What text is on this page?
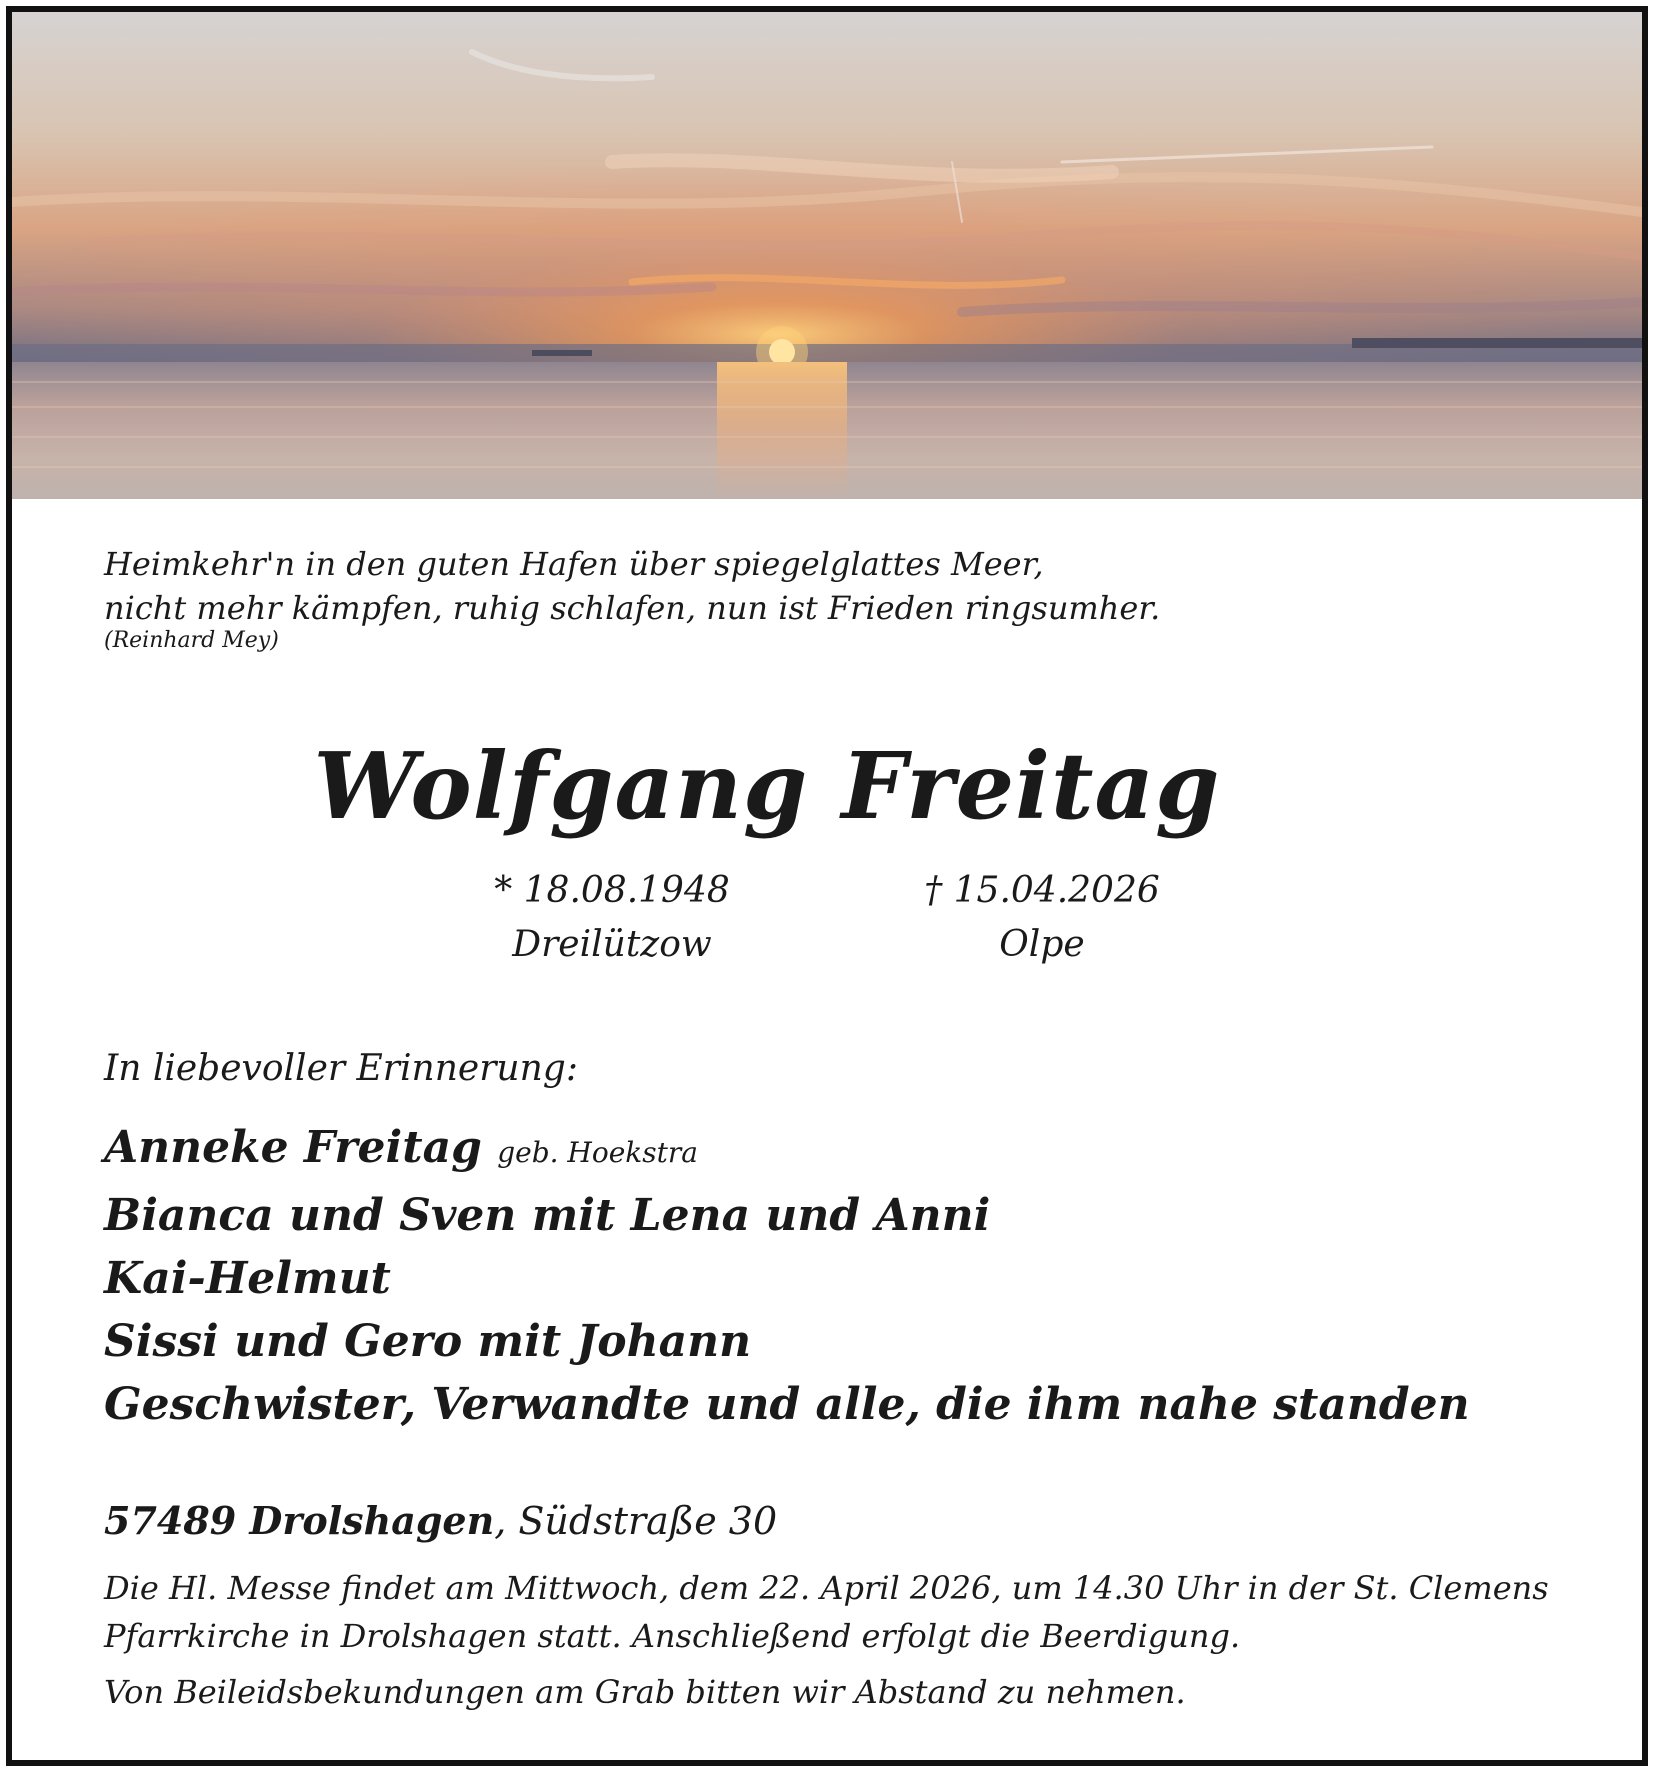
Heimkehr'n in den guten Hafen über spiegelglattes Meer,
nicht mehr kämpfen, ruhig schlafen, nun ist Frieden ringsumher.
(Reinhard Mey)
Wolfgang Freitag
* 18.08.1948
Dreilützow
† 15.04.2026
Olpe
In liebevoller Erinnerung:
Anneke Freitag geb. Hoekstra
Bianca und Sven mit Lena und Anni
Kai-Helmut
Sissi und Gero mit Johann
Geschwister, Verwandte und alle, die ihm nahe standen
57489 Drolshagen, Südstraße 30

Die Hl. Messe findet am Mittwoch, dem 22. April 2026, um 14.30 Uhr in der St. Clemens Pfarrkirche in Drolshagen statt. Anschließend erfolgt die Beerdigung.

Von Beileidsbekundungen am Grab bitten wir Abstand zu nehmen.
